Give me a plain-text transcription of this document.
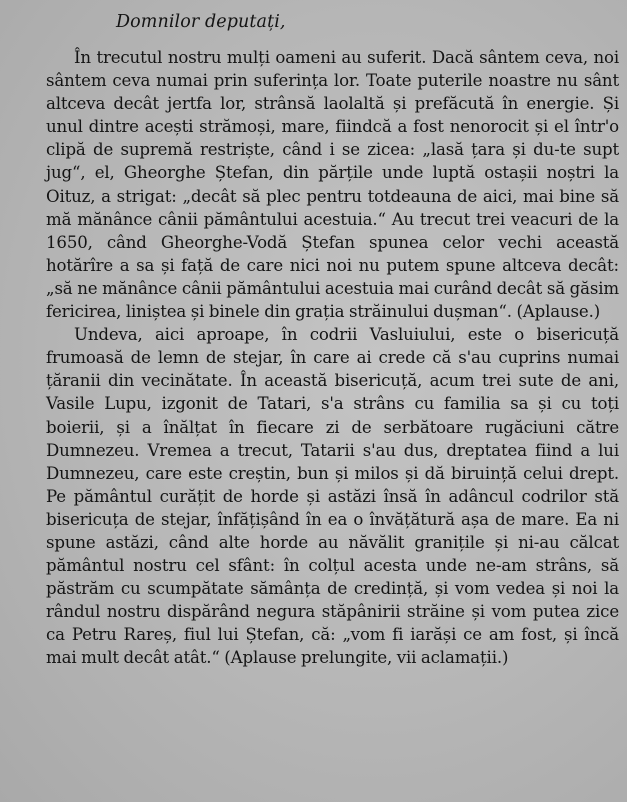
Domnilor deputați,

În trecutul nostru mulți oameni au suferit. Dacă sântem ceva, noi sântem ceva numai prin suferința lor. Toate puterile noastre nu sânt altceva decât jertfa lor, strânsă laolaltă și prefăcută în energie. Și unul dintre acești strămoși, mare, fiindcă a fost nenorocit și el într'o clipă de supremă restriște, când i se zicea: „lasă țara și du-te supt jug“, el, Gheorghe Ștefan, din părțile unde luptă ostașii noștri la Oituz, a strigat: „decât să plec pentru totdeauna de aici, mai bine să mă mănânce cânii pământului acestuia.“ Au trecut trei veacuri de la 1650, când Gheorghe-Vodă Ștefan spunea celor vechi această hotărîre a sa și față de care nici noi nu putem spune altceva decât: „să ne mănânce cânii pământului acestuia mai curând decât să găsim fericirea, liniștea și binele din grația străinului dușman“. (Aplause.)

Undeva, aici aproape, în codrii Vasluiului, este o bisericuță frumoasă de lemn de stejar, în care ai crede că s'au cuprins numai țăranii din vecinătate. În această bisericuță, acum trei sute de ani, Vasile Lupu, izgonit de Tatari, s'a strâns cu familia sa și cu toți boierii, și a înălțat în fiecare zi de serbătoare rugăciuni către Dumnezeu. Vremea a trecut, Tatarii s'au dus, dreptatea fiind a lui Dumnezeu, care este creștin, bun și milos și dă biruință celui drept. Pe pământul curățit de horde și astăzi însă în adâncul codrilor stă bisericuța de stejar, înfățișând în ea o învățătură așa de mare. Ea ni spune astăzi, când alte horde au năvălit granițile și ni-au călcat pământul nostru cel sfânt: în colțul acesta unde ne-am strâns, să păstrăm cu scumpătate sămânța de credință, și vom vedea și noi la rândul nostru dispărând negura stăpânirii străine și vom putea zice ca Petru Rareș, fiul lui Ștefan, că: „vom fi iarăși ce am fost, și încă mai mult decât atât.“ (Aplause prelungite, vii aclamații.)
